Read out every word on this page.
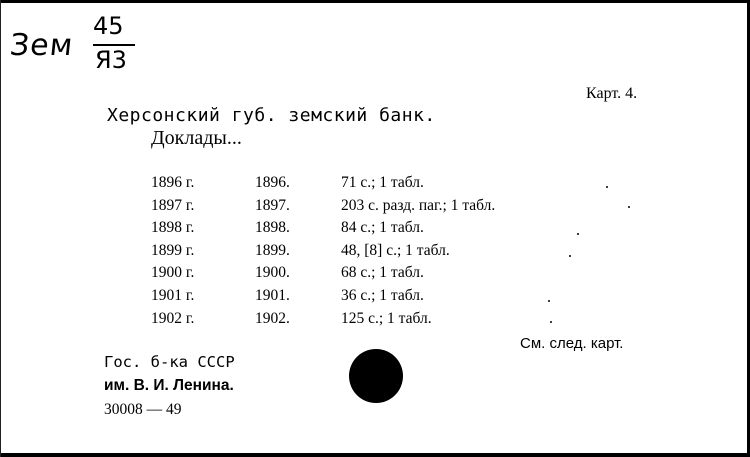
Зем
45
Я3
Карт. 4.
Херсонский губ. земский банк.
Доклады...
1896 г.	1896.	71 с.; 1 табл.
1897 г.	1897.	203 с. разд. паг.; 1 табл.
1898 г.	1898.	84 с.; 1 табл.
1899 г.	1899.	48, [8] с.; 1 табл.
1900 г.	1900.	68 с.; 1 табл.
1901 г.	1901.	36 с.; 1 табл.
1902 г.	1902.	125 с.; 1 табл.
См. след. карт.
Гос. б-ка СССР
им. В. И. Ленина.
30008 — 49
